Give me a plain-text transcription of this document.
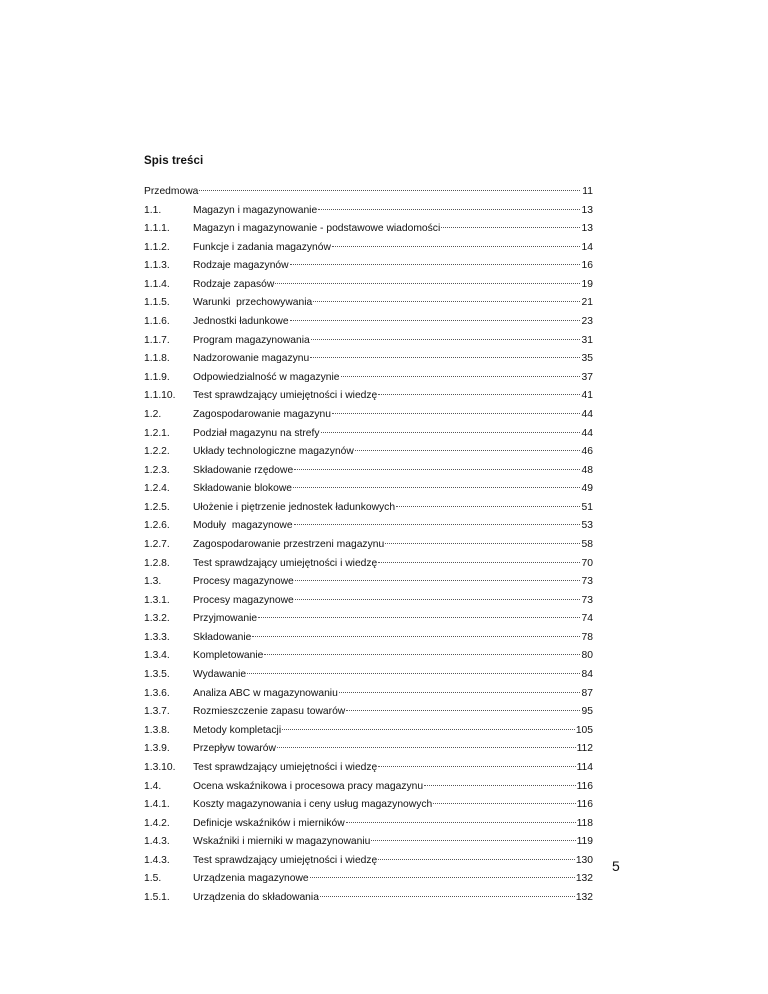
Spis treści
Przedmowa	11
1.1.	Magazyn i magazynowanie	13
1.1.1.	Magazyn i magazynowanie - podstawowe wiadomości	13
1.1.2.	Funkcje i zadania magazynów	14
1.1.3.	Rodzaje magazynów	16
1.1.4.	Rodzaje zapasów	19
1.1.5.	Warunki  przechowywania	21
1.1.6.	Jednostki ładunkowe	23
1.1.7.	Program magazynowania	31
1.1.8.	Nadzorowanie magazynu	35
1.1.9.	Odpowiedzialność w magazynie	37
1.1.10.	Test sprawdzający umiejętności i wiedzę	41
1.2.	Zagospodarowanie magazynu	44
1.2.1.	Podział magazynu na strefy	44
1.2.2.	Układy technologiczne magazynów	46
1.2.3.	Składowanie rzędowe	48
1.2.4.	Składowanie blokowe	49
1.2.5.	Ułożenie i piętrzenie jednostek ładunkowych	51
1.2.6.	Moduły  magazynowe	53
1.2.7.	Zagospodarowanie przestrzeni magazynu	58
1.2.8.	Test sprawdzający umiejętności i wiedzę	70
1.3.	Procesy magazynowe	73
1.3.1.	Procesy magazynowe	73
1.3.2.	Przyjmowanie	74
1.3.3.	Składowanie	78
1.3.4.	Kompletowanie	80
1.3.5.	Wydawanie	84
1.3.6.	Analiza ABC w magazynowaniu	87
1.3.7.	Rozmieszczenie zapasu towarów	95
1.3.8.	Metody kompletacji	105
1.3.9.	Przepływ towarów	112
1.3.10.	Test sprawdzający umiejętności i wiedzę	114
1.4.	Ocena wskaźnikowa i procesowa pracy magazynu	116
1.4.1.	Koszty magazynowania i ceny usług magazynowych	116
1.4.2.	Definicje wskaźników i mierników	118
1.4.3.	Wskaźniki i mierniki w magazynowaniu	119
1.4.3.	Test sprawdzający umiejętności i wiedzę	130
1.5.	Urządzenia magazynowe	132
1.5.1.	Urządzenia do składowania	132
5
